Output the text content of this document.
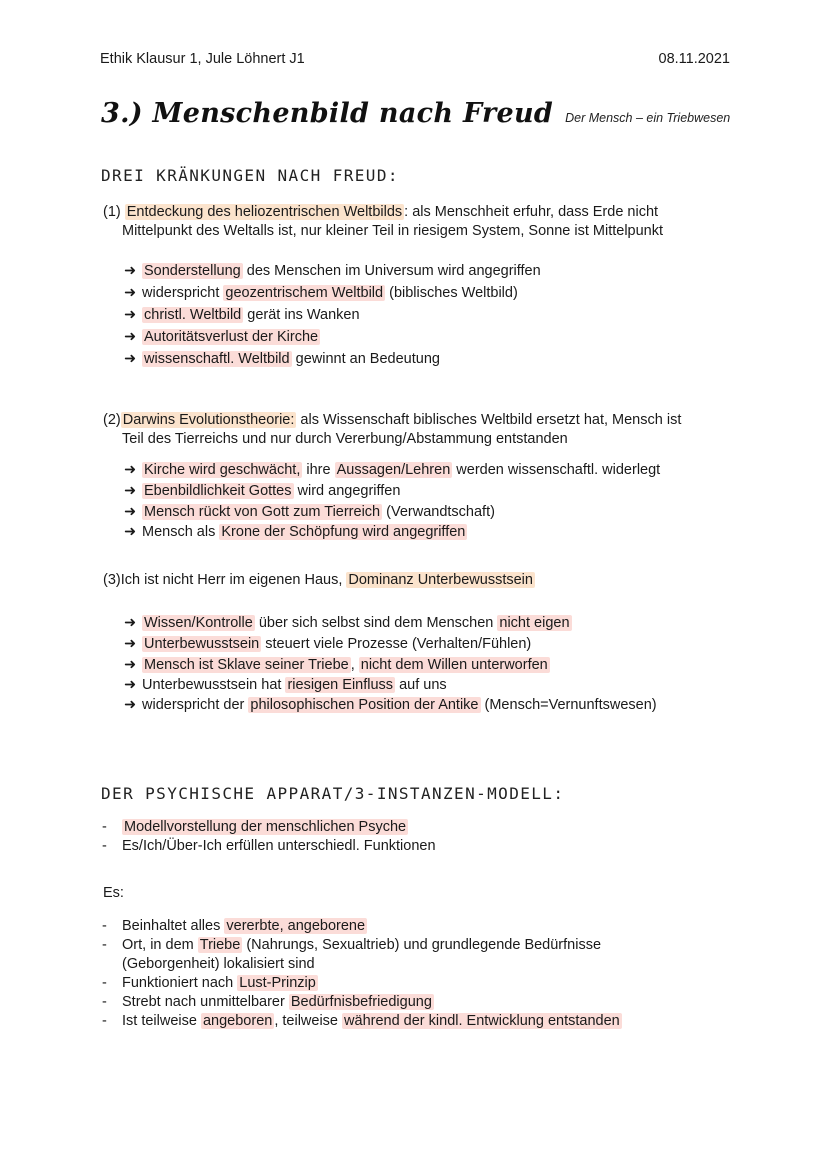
Ethik Klausur 1, Jule Löhnert J1	08.11.2021
3.) Menschenbild nach Freud Der Mensch – ein Triebwesen
DREI KRÄNKUNGEN NACH FREUD:
(1) Entdeckung des heliozentrischen Weltbilds : als Menschheit erfuhr, dass Erde nicht
Mittelpunkt des Weltalls ist, nur kleiner Teil in riesigem System, Sonne ist Mittelpunkt
➜ Sonderstellung des Menschen im Universum wird angegriffen
➜ widerspricht geozentrischem Weltbild (biblisches Weltbild)
➜ christl. Weltbild gerät ins Wanken
➜ Autoritätsverlust der Kirche
➜ wissenschaftl. Weltbild gewinnt an Bedeutung
(2) Darwins Evolutionstheorie: als Wissenschaft biblisches Weltbild ersetzt hat, Mensch ist
Teil des Tierreichs und nur durch Vererbung/Abstammung entstanden
➜ Kirche wird geschwächt, ihre Aussagen/Lehren werden wissenschaftl. widerlegt
➜ Ebenbildlichkeit Gottes wird angegriffen
➜ Mensch rückt von Gott zum Tierreich (Verwandtschaft)
➜ Mensch als Krone der Schöpfung wird angegriffen
(3)Ich ist nicht Herr im eigenen Haus, Dominanz Unterbewusstsein
➜ Wissen/Kontrolle über sich selbst sind dem Menschen nicht eigen
➜ Unterbewusstsein steuert viele Prozesse (Verhalten/Fühlen)
➜ Mensch ist Sklave seiner Triebe , nicht dem Willen unterworfen
➜ Unterbewusstsein hat riesigen Einfluss auf uns
➜ widerspricht der philosophischen Position der Antike (Mensch=Vernunftswesen)
DER PSYCHISCHE APPARAT/3-INSTANZEN-MODELL:
- Modellvorstellung der menschlichen Psyche
- Es/Ich/Über-Ich erfüllen unterschiedl. Funktionen
Es:
- Beinhaltet alles vererbte, angeborene
- Ort, in dem Triebe (Nahrungs, Sexualtrieb) und grundlegende Bedürfnisse
(Geborgenheit) lokalisiert sind
- Funktioniert nach Lust-Prinzip
- Strebt nach unmittelbarer Bedürfnisbefriedigung
- Ist teilweise angeboren , teilweise während der kindl. Entwicklung entstanden
